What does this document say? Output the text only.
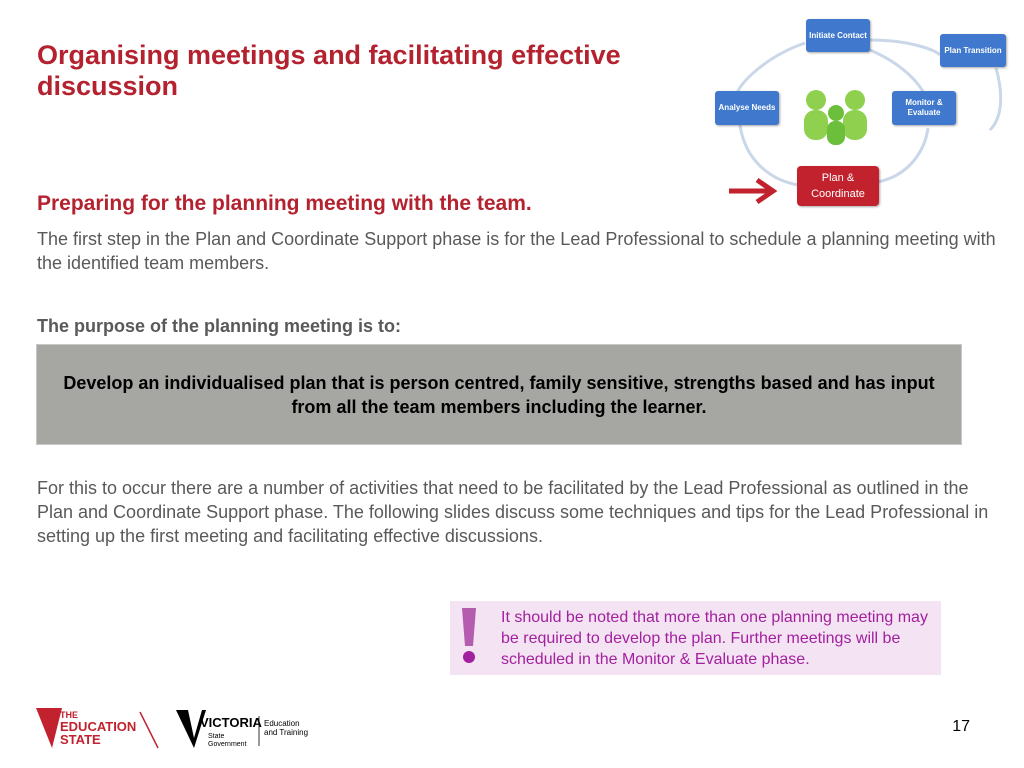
Organising meetings and facilitating effective discussion
Initiate Contact
Plan Transition
Analyse Needs
Monitor &
Evaluate
Plan &
Coordinate
Preparing for the planning meeting with the team.

The first step in the Plan and Coordinate Support phase is for the Lead Professional to schedule a planning meeting with the identified team members.

The purpose of the planning meeting is to:

Develop an individualised plan that is person centred, family sensitive, strengths based and has input from all the team members including the learner.

For this to occur there are a number of activities that need to be facilitated by the Lead Professional as outlined in the Plan and Coordinate Support phase. The following slides discuss some techniques and tips for the Lead Professional in setting up the first meeting and facilitating effective discussions.

It should be noted that more than one planning meeting may be required to develop the plan. Further meetings will be scheduled in the Monitor & Evaluate phase.
THE
EDUCATION
STATE
VICTORIA
State
Government
Education
and Training	17
